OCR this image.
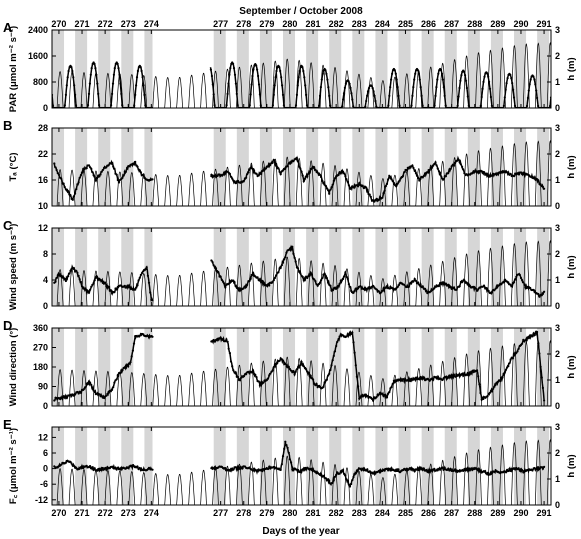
September / October 2008
Days of the year
0
800
1600
2400
0
1
2
3
270 271 272 273 274	277 278 279 280 281 282 283 284 285 286 287 288 289 290 291
A
PAR (μmol m⁻² s⁻¹)	h (m)
10
16
22
28
0
1
2
3
B
Tₐ (°C)	h (m)
0
4
8
12
0
1
2
3
C
Wind speed (m s⁻¹)	h (m)
0
90
180
270
360
0
1
2
3
D
Wind direction (°)	h (m)
-12
-6
0
6
12
0
1
2
3
270 271 272 273 274	277 278 279 280 281 282 283 284 285 286 287 288 289 290 291
E
F꜀ (μmol m⁻² s⁻¹)	h (m)
